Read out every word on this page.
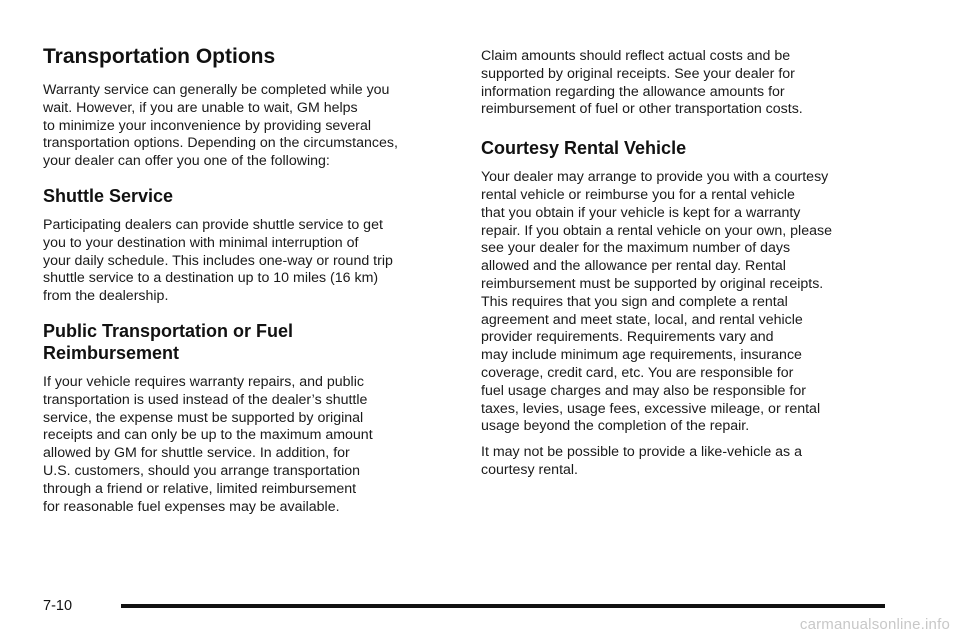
Transportation Options

Warranty service can generally be completed while you
wait. However, if you are unable to wait, GM helps
to minimize your inconvenience by providing several
transportation options. Depending on the circumstances,
your dealer can offer you one of the following:

Shuttle Service

Participating dealers can provide shuttle service to get
you to your destination with minimal interruption of
your daily schedule. This includes one-way or round trip
shuttle service to a destination up to 10 miles (16 km)
from the dealership.

Public Transportation or Fuel
Reimbursement

If your vehicle requires warranty repairs, and public
transportation is used instead of the dealer’s shuttle
service, the expense must be supported by original
receipts and can only be up to the maximum amount
allowed by GM for shuttle service. In addition, for
U.S. customers, should you arrange transportation
through a friend or relative, limited reimbursement
for reasonable fuel expenses may be available.

Claim amounts should reflect actual costs and be
supported by original receipts. See your dealer for
information regarding the allowance amounts for
reimbursement of fuel or other transportation costs.

Courtesy Rental Vehicle

Your dealer may arrange to provide you with a courtesy
rental vehicle or reimburse you for a rental vehicle
that you obtain if your vehicle is kept for a warranty
repair. If you obtain a rental vehicle on your own, please
see your dealer for the maximum number of days
allowed and the allowance per rental day. Rental
reimbursement must be supported by original receipts.
This requires that you sign and complete a rental
agreement and meet state, local, and rental vehicle
provider requirements. Requirements vary and
may include minimum age requirements, insurance
coverage, credit card, etc. You are responsible for
fuel usage charges and may also be responsible for
taxes, levies, usage fees, excessive mileage, or rental
usage beyond the completion of the repair.

It may not be possible to provide a like-vehicle as a
courtesy rental.

7-10
carmanualsonline.info
